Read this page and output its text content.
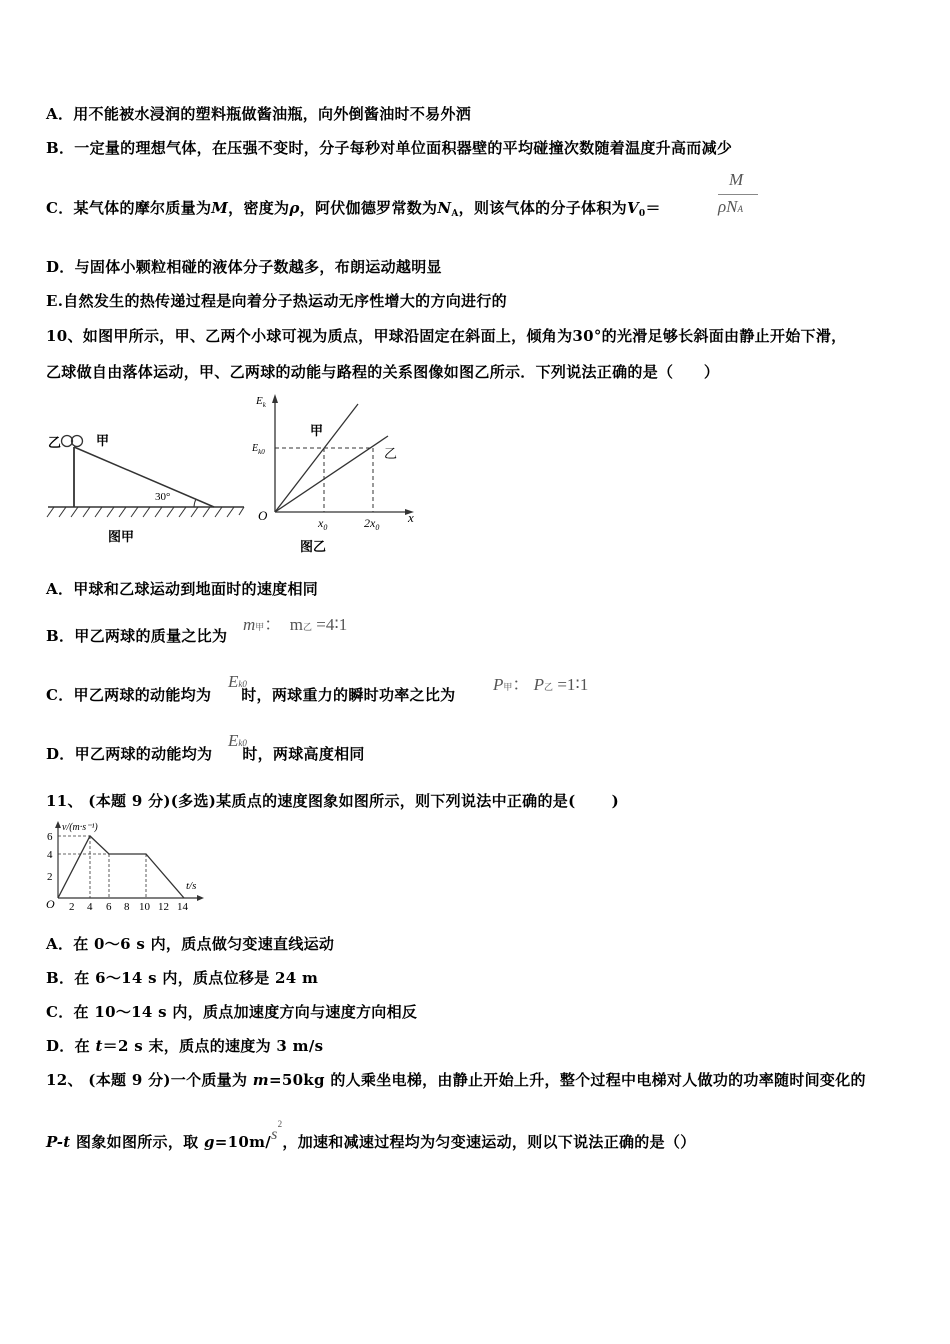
A．用不能被水浸润的塑料瓶做酱油瓶，向外倒酱油时不易外洒
B．一定量的理想气体，在压强不变时，分子每秒对单位面积器壁的平均碰撞次数随着温度升高而减少
C．某气体的摩尔质量为M，密度为ρ，阿伏伽德罗常数为$N_A$，则该气体的分子体积为$V_0=$
M
ρNA
D．与固体小颗粒相碰的液体分子数越多，布朗运动越明显
E.自然发生的热传递过程是向着分子热运动无序性增大的方向进行的
10、如图甲所示，甲、乙两个小球可视为质点，甲球沿固定在斜面上，倾角为30°的光滑足够长斜面由静止开始下滑，
乙球做自由落体运动，甲、乙两球的动能与路程的关系图像如图乙所示．下列说法正确的是（　　）
乙	甲
30°
图甲
$E_k$
$E_{k0}$
甲
乙
O	$x_0$	$2x_0$
x
图乙
A．甲球和乙球运动到地面时的速度相同
B．甲乙两球的质量之比为
m甲： m乙 =4∶1
C．甲乙两球的动能均为 时，两球重力的瞬时功率之比为
Ek0	P甲： P乙 =1∶1
D．甲乙两球的动能均为 时，两球高度相同
Ek0
11、 (本题 9 分)(多选)某质点的速度图象如图所示，则下列说法中正确的是(　　 )
v/(m·s⁻¹)
t/s
O
6
4
2
2 4 6 8 10 12 14
A．在 0～6 s 内，质点做匀变速直线运动
B．在 6～14 s 内，质点位移是 24 m
C．在 10～14 s 内，质点加速度方向与速度方向相反
D．在 t＝2 s 末，质点的速度为 3 m/s
12、 (本题 9 分)一个质量为 m=50kg 的人乘坐电梯，由静止开始上升，整个过程中电梯对人做功的功率随时间变化的
P-t 图象如图所示，取 $g=10m/s^2$，加速和减速过程均为匀变速运动，则以下说法正确的是（）
